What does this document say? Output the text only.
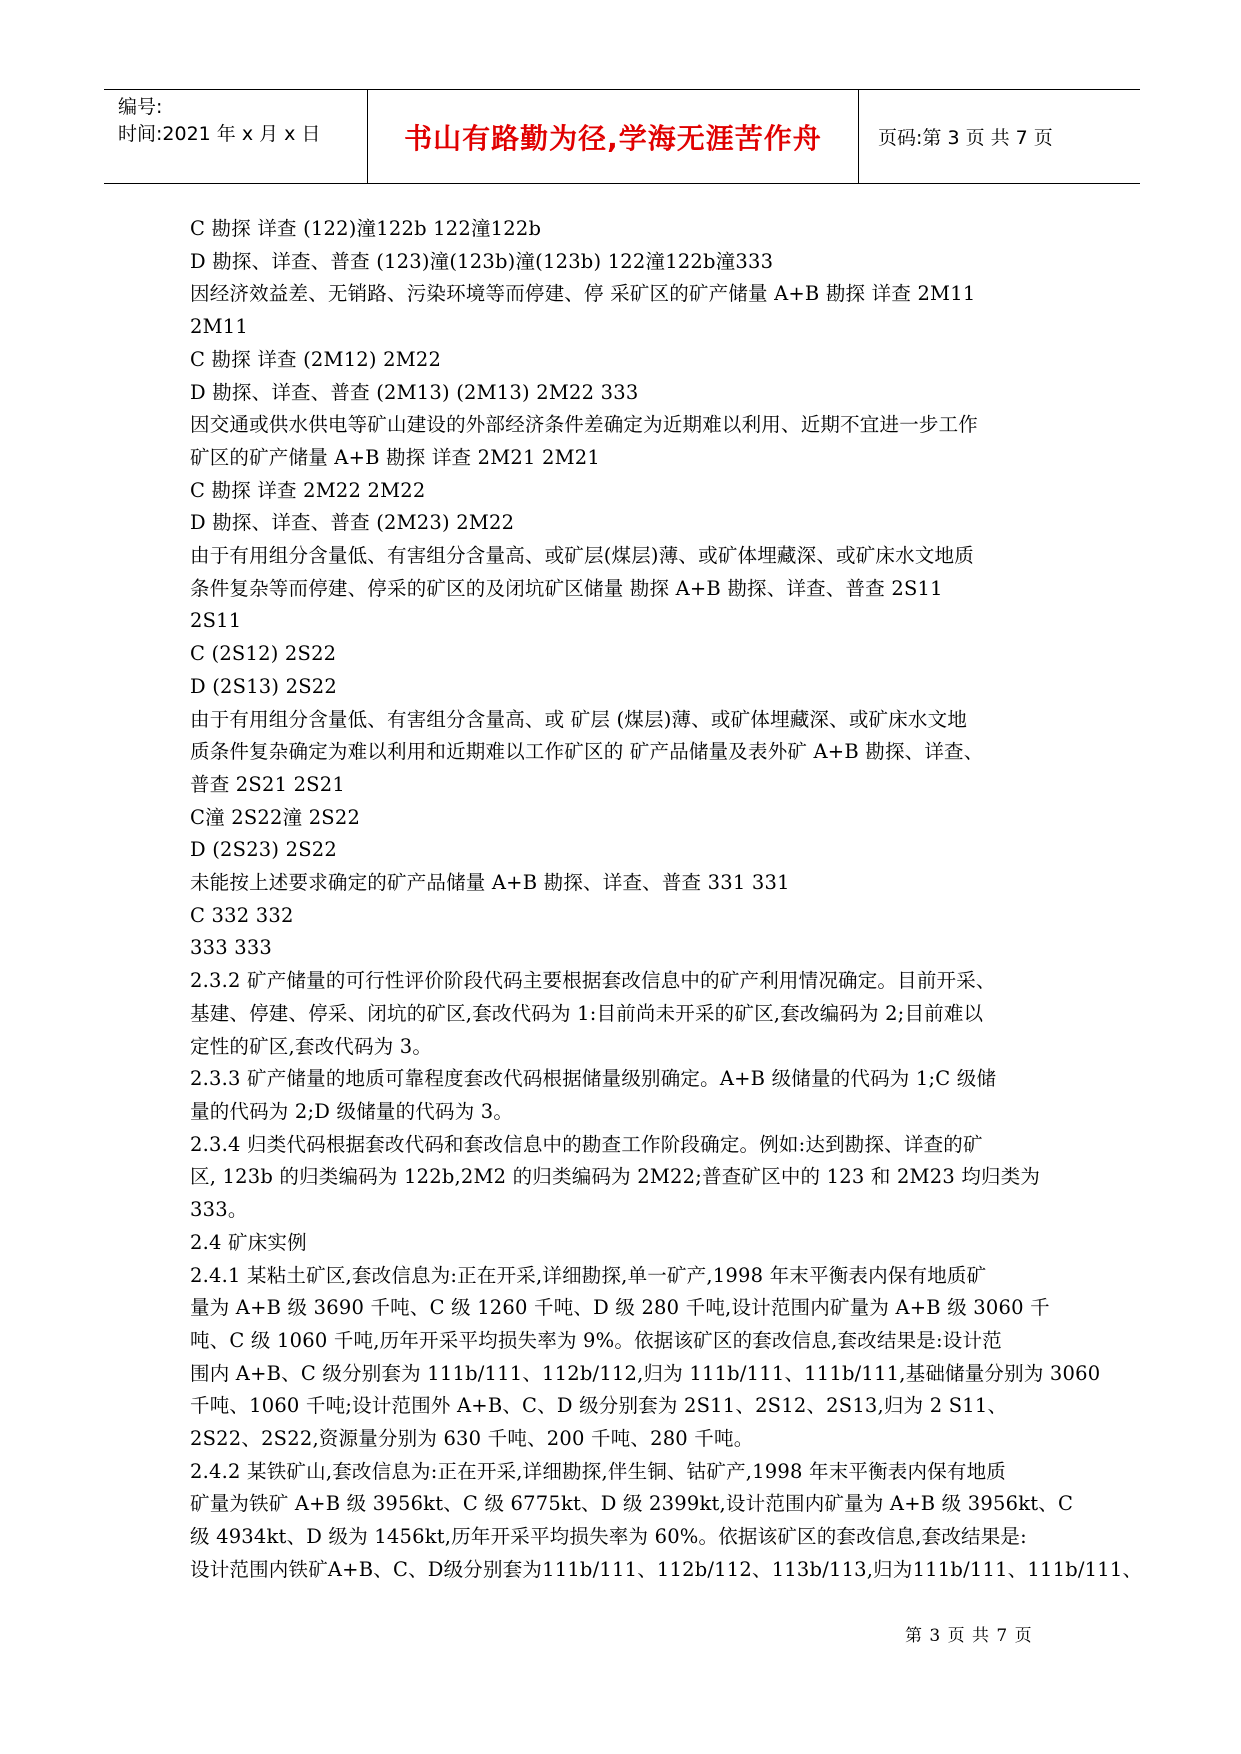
编号:
时间:2021 年 x 月 x 日	书山有路勤为径,学海无涯苦作舟	页码:第 3 页 共 7 页

C 勘探 详查 (122)潼122b 122潼122b

D 勘探、详查、普查 (123)潼(123b)潼(123b) 122潼122b潼333

因经济效益差、无销路、污染环境等而停建、停 采矿区的矿产储量 A+B 勘探 详查 2M11

2M11

C 勘探 详查 (2M12) 2M22

D 勘探、详查、普查 (2M13) (2M13) 2M22 333

因交通或供水供电等矿山建设的外部经济条件差确定为近期难以利用、近期不宜进一步工作

矿区的矿产储量 A+B 勘探 详查 2M21 2M21

C 勘探 详查 2M22 2M22

D 勘探、详查、普查 (2M23) 2M22

由于有用组分含量低、有害组分含量高、或矿层(煤层)薄、或矿体埋藏深、或矿床水文地质

条件复杂等而停建、停采的矿区的及闭坑矿区储量 勘探 A+B 勘探、详查、普查 2S11

2S11

C (2S12) 2S22

D (2S13) 2S22

由于有用组分含量低、有害组分含量高、或 矿层 (煤层)薄、或矿体埋藏深、或矿床水文地

质条件复杂确定为难以利用和近期难以工作矿区的 矿产品储量及表外矿 A+B 勘探、详查、

普查 2S21 2S21

C潼 2S22潼 2S22

D (2S23) 2S22

未能按上述要求确定的矿产品储量 A+B 勘探、详查、普查 331 331

C 332 332

333 333

2.3.2 矿产储量的可行性评价阶段代码主要根据套改信息中的矿产利用情况确定。目前开采、

基建、停建、停采、闭坑的矿区,套改代码为 1:目前尚未开采的矿区,套改编码为 2;目前难以

定性的矿区,套改代码为 3。

2.3.3 矿产储量的地质可靠程度套改代码根据储量级别确定。A+B 级储量的代码为 1;C 级储

量的代码为 2;D 级储量的代码为 3。

2.3.4 归类代码根据套改代码和套改信息中的勘查工作阶段确定。例如:达到勘探、详查的矿

区, 123b 的归类编码为 122b,2M2 的归类编码为 2M22;普查矿区中的 123 和 2M23 均归类为

333。

2.4 矿床实例

2.4.1 某粘土矿区,套改信息为:正在开采,详细勘探,单一矿产,1998 年末平衡表内保有地质矿

量为 A+B 级 3690 千吨、C 级 1260 千吨、D 级 280 千吨,设计范围内矿量为 A+B 级 3060 千

吨、C 级 1060 千吨,历年开采平均损失率为 9%。依据该矿区的套改信息,套改结果是:设计范

围内 A+B、C 级分别套为 111b/111、112b/112,归为 111b/111、111b/111,基础储量分别为 3060

千吨、1060 千吨;设计范围外 A+B、C、D 级分别套为 2S11、2S12、2S13,归为 2 S11、

2S22、2S22,资源量分别为 630 千吨、200 千吨、280 千吨。

2.4.2 某铁矿山,套改信息为:正在开采,详细勘探,伴生铜、钴矿产,1998 年末平衡表内保有地质

矿量为铁矿 A+B 级 3956kt、C 级 6775kt、D 级 2399kt,设计范围内矿量为 A+B 级 3956kt、C

级 4934kt、D 级为 1456kt,历年开采平均损失率为 60%。依据该矿区的套改信息,套改结果是:

设计范围内铁矿A+B、C、D级分别套为111b/111、112b/112、113b/113,归为111b/111、111b/111、

第 3 页 共 7 页
